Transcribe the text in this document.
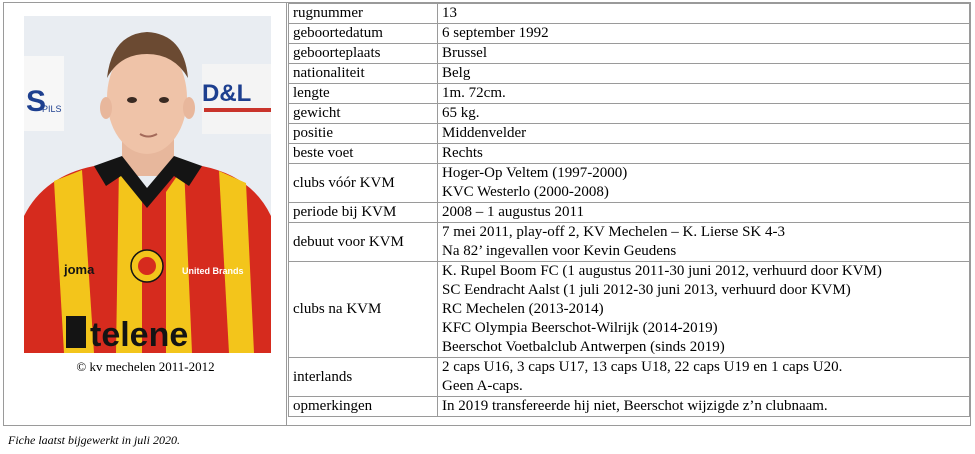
S
PILS
D&L
joma	United Brands
telene
© kv mechelen 2011-2012
rugnummer	13

geboortedatum	6 september 1992

geboorteplaats	Brussel

nationaliteit	Belg

lengte	1m. 72cm.

gewicht	65 kg.

positie	Middenvelder

beste voet	Rechts

clubs vóór KVM	Hoger-Op Veltem (1997-2000)
KVC Westerlo (2000-2008)

periode bij KVM	2008 – 1 augustus 2011

debuut voor KVM	7 mei 2011, play-off 2, KV Mechelen – K. Lierse SK 4-3
Na 82’ ingevallen voor Kevin Geudens

clubs na KVM	K. Rupel Boom FC (1 augustus 2011-30 juni 2012, verhuurd door KVM)
SC Eendracht Aalst (1 juli 2012-30 juni 2013, verhuurd door KVM)
RC Mechelen (2013-2014)
KFC Olympia Beerschot-Wilrijk (2014-2019)
Beerschot Voetbalclub Antwerpen (sinds 2019)

interlands	2 caps U16, 3 caps U17, 13 caps U18, 22 caps U19 en 1 caps U20.
Geen A-caps.

opmerkingen	In 2019 transfereerde hij niet, Beerschot wijzigde z’n clubnaam.
Fiche laatst bijgewerkt in juli 2020.
